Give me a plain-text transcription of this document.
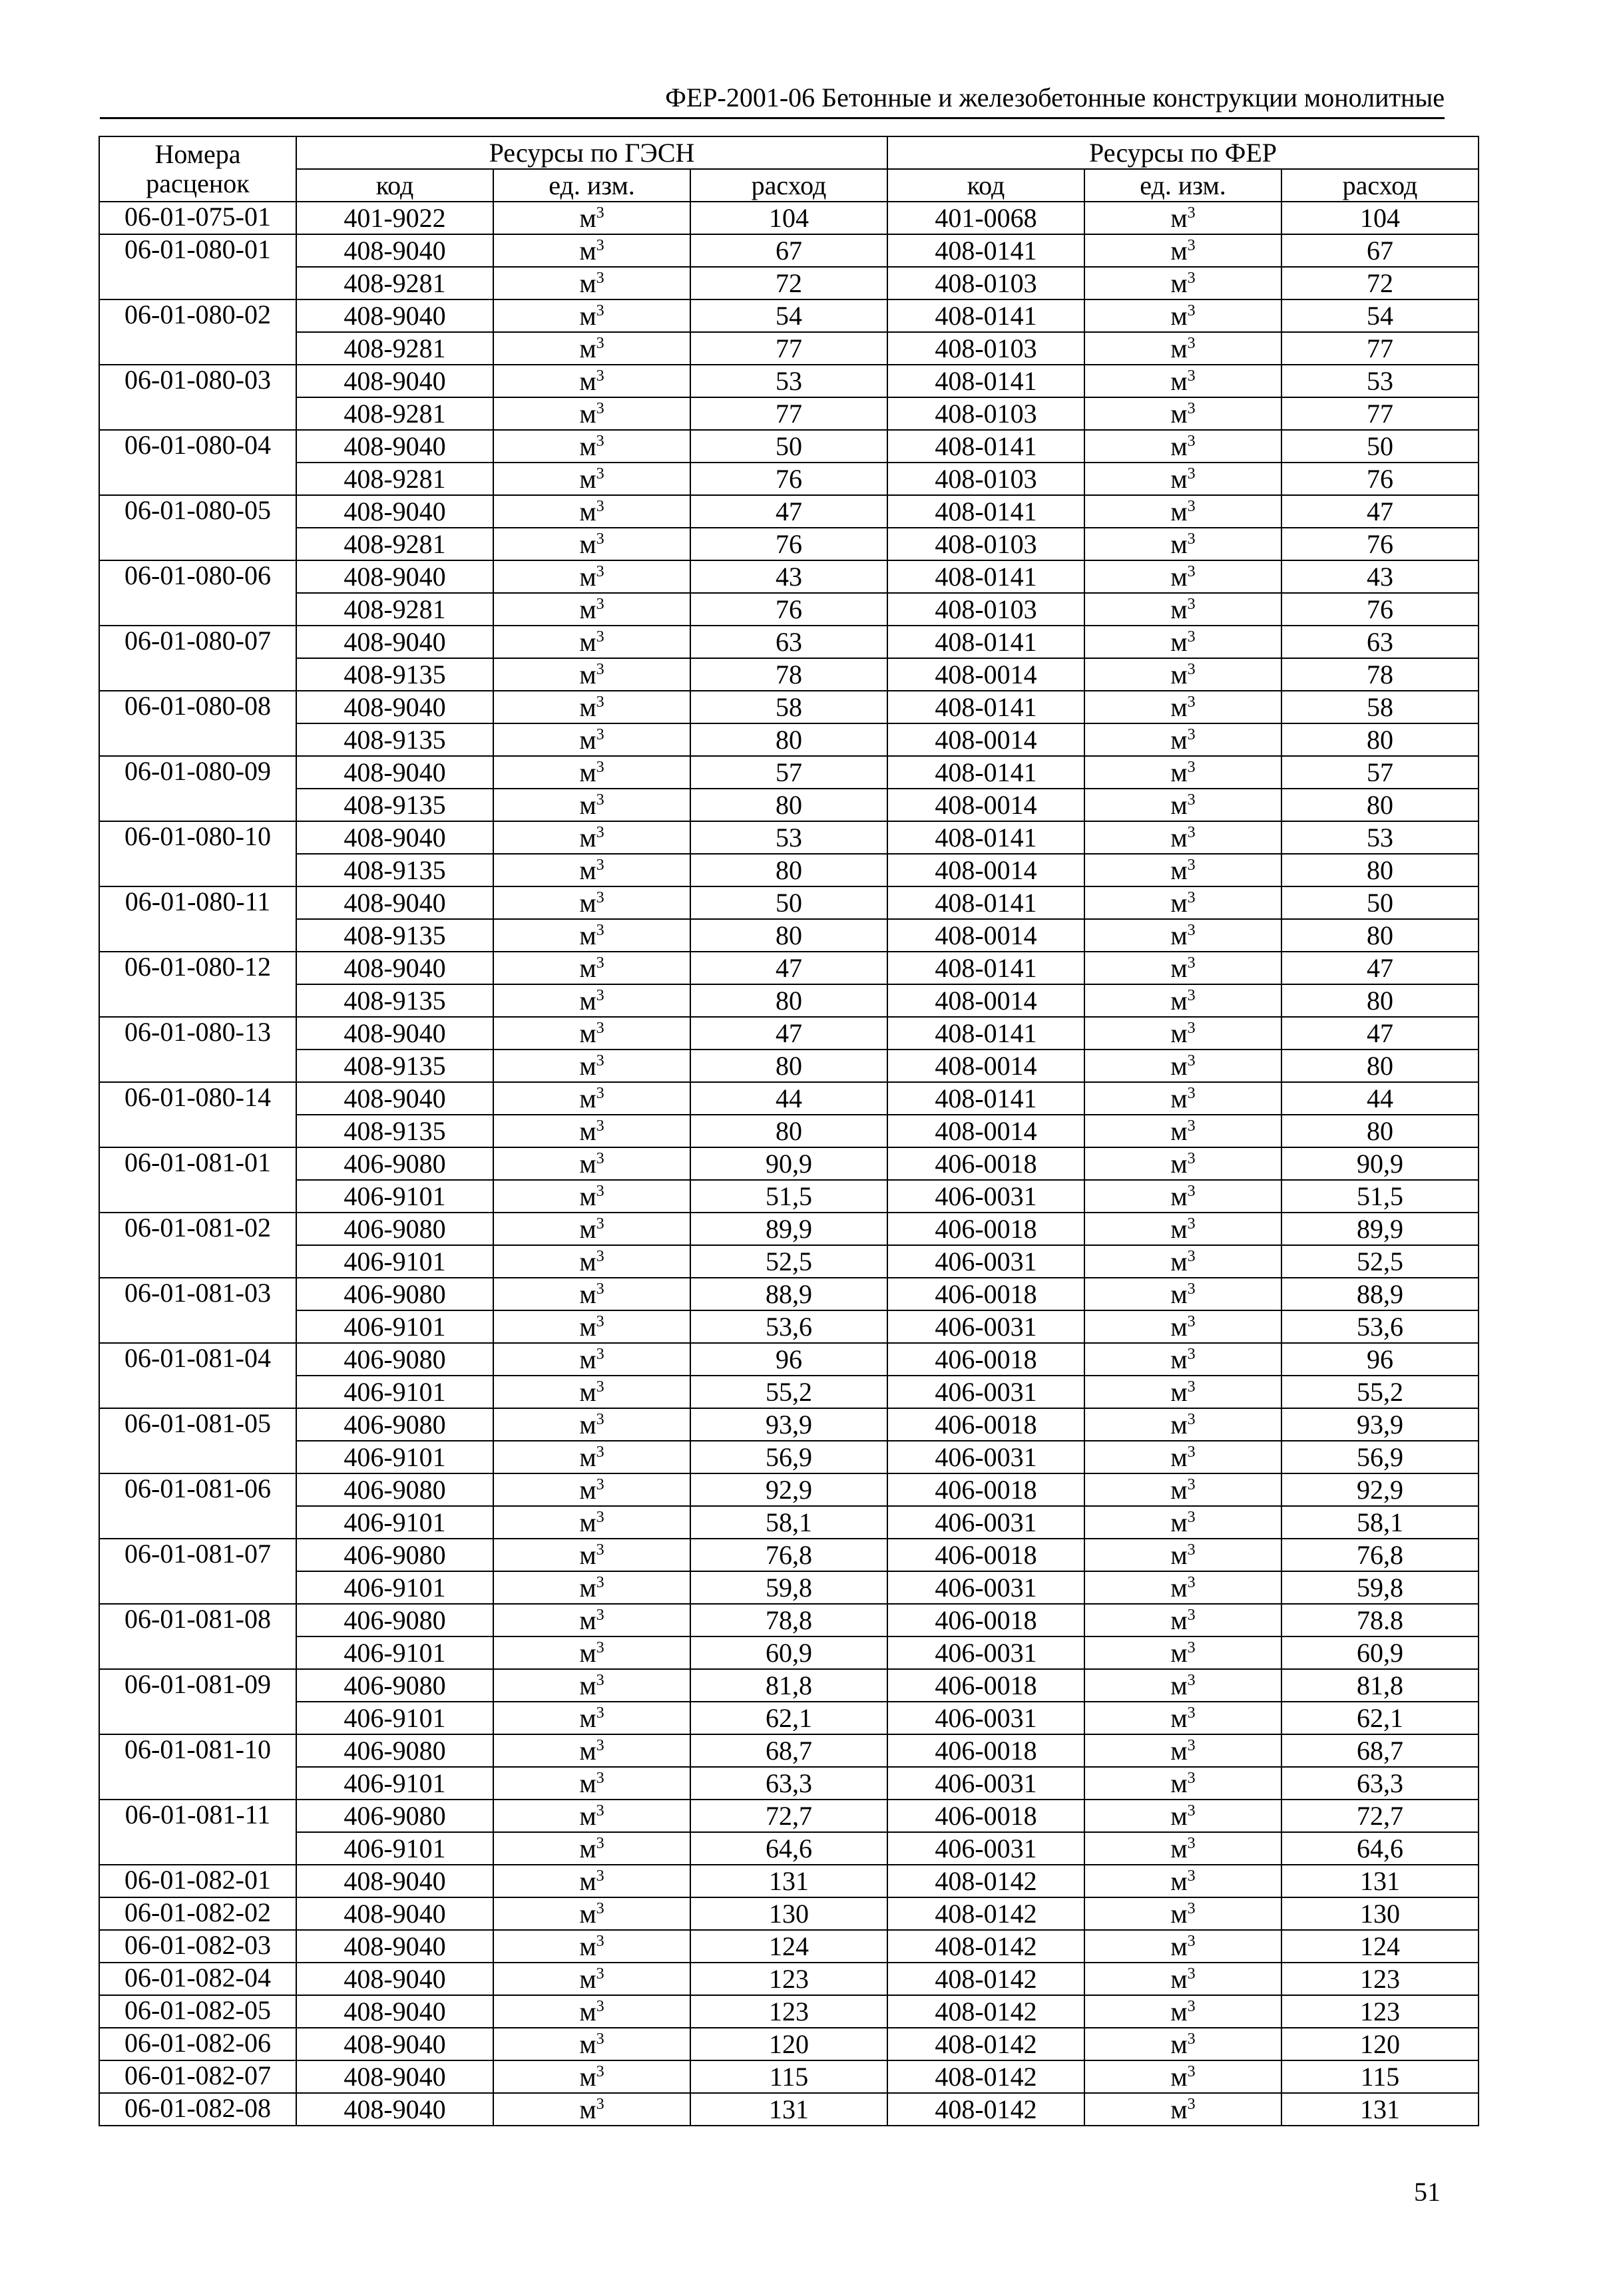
ФЕР-2001-06 Бетонные и железобетонные конструкции монолитные
Номера
расценок	Ресурсы по ГЭСН			Ресурсы по ФЕР		
	код	ед. изм.	расход	код	ед. изм.	расход
06-01-075-01	401-9022	$м^3$	104	401-0068	$м^3$	104
06-01-080-01	408-9040	$м^3$	67	408-0141	$м^3$	67
	408-9281	$м^3$	72	408-0103	$м^3$	72
06-01-080-02	408-9040	$м^3$	54	408-0141	$м^3$	54
	408-9281	$м^3$	77	408-0103	$м^3$	77
06-01-080-03	408-9040	$м^3$	53	408-0141	$м^3$	53
	408-9281	$м^3$	77	408-0103	$м^3$	77
06-01-080-04	408-9040	$м^3$	50	408-0141	$м^3$	50
	408-9281	$м^3$	76	408-0103	$м^3$	76
06-01-080-05	408-9040	$м^3$	47	408-0141	$м^3$	47
	408-9281	$м^3$	76	408-0103	$м^3$	76
06-01-080-06	408-9040	$м^3$	43	408-0141	$м^3$	43
	408-9281	$м^3$	76	408-0103	$м^3$	76
06-01-080-07	408-9040	$м^3$	63	408-0141	$м^3$	63
	408-9135	$м^3$	78	408-0014	$м^3$	78
06-01-080-08	408-9040	$м^3$	58	408-0141	$м^3$	58
	408-9135	$м^3$	80	408-0014	$м^3$	80
06-01-080-09	408-9040	$м^3$	57	408-0141	$м^3$	57
	408-9135	$м^3$	80	408-0014	$м^3$	80
06-01-080-10	408-9040	$м^3$	53	408-0141	$м^3$	53
	408-9135	$м^3$	80	408-0014	$м^3$	80
06-01-080-11	408-9040	$м^3$	50	408-0141	$м^3$	50
	408-9135	$м^3$	80	408-0014	$м^3$	80
06-01-080-12	408-9040	$м^3$	47	408-0141	$м^3$	47
	408-9135	$м^3$	80	408-0014	$м^3$	80
06-01-080-13	408-9040	$м^3$	47	408-0141	$м^3$	47
	408-9135	$м^3$	80	408-0014	$м^3$	80
06-01-080-14	408-9040	$м^3$	44	408-0141	$м^3$	44
	408-9135	$м^3$	80	408-0014	$м^3$	80
06-01-081-01	406-9080	$м^3$	90,9	406-0018	$м^3$	90,9
	406-9101	$м^3$	51,5	406-0031	$м^3$	51,5
06-01-081-02	406-9080	$м^3$	89,9	406-0018	$м^3$	89,9
	406-9101	$м^3$	52,5	406-0031	$м^3$	52,5
06-01-081-03	406-9080	$м^3$	88,9	406-0018	$м^3$	88,9
	406-9101	$м^3$	53,6	406-0031	$м^3$	53,6
06-01-081-04	406-9080	$м^3$	96	406-0018	$м^3$	96
	406-9101	$м^3$	55,2	406-0031	$м^3$	55,2
06-01-081-05	406-9080	$м^3$	93,9	406-0018	$м^3$	93,9
	406-9101	$м^3$	56,9	406-0031	$м^3$	56,9
06-01-081-06	406-9080	$м^3$	92,9	406-0018	$м^3$	92,9
	406-9101	$м^3$	58,1	406-0031	$м^3$	58,1
06-01-081-07	406-9080	$м^3$	76,8	406-0018	$м^3$	76,8
	406-9101	$м^3$	59,8	406-0031	$м^3$	59,8
06-01-081-08	406-9080	$м^3$	78,8	406-0018	$м^3$	78.8
	406-9101	$м^3$	60,9	406-0031	$м^3$	60,9
06-01-081-09	406-9080	$м^3$	81,8	406-0018	$м^3$	81,8
	406-9101	$м^3$	62,1	406-0031	$м^3$	62,1
06-01-081-10	406-9080	$м^3$	68,7	406-0018	$м^3$	68,7
	406-9101	$м^3$	63,3	406-0031	$м^3$	63,3
06-01-081-11	406-9080	$м^3$	72,7	406-0018	$м^3$	72,7
	406-9101	$м^3$	64,6	406-0031	$м^3$	64,6
06-01-082-01	408-9040	$м^3$	131	408-0142	$м^3$	131
06-01-082-02	408-9040	$м^3$	130	408-0142	$м^3$	130
06-01-082-03	408-9040	$м^3$	124	408-0142	$м^3$	124
06-01-082-04	408-9040	$м^3$	123	408-0142	$м^3$	123
06-01-082-05	408-9040	$м^3$	123	408-0142	$м^3$	123
06-01-082-06	408-9040	$м^3$	120	408-0142	$м^3$	120
06-01-082-07	408-9040	$м^3$	115	408-0142	$м^3$	115
06-01-082-08	408-9040	$м^3$	131	408-0142	$м^3$	131
51
